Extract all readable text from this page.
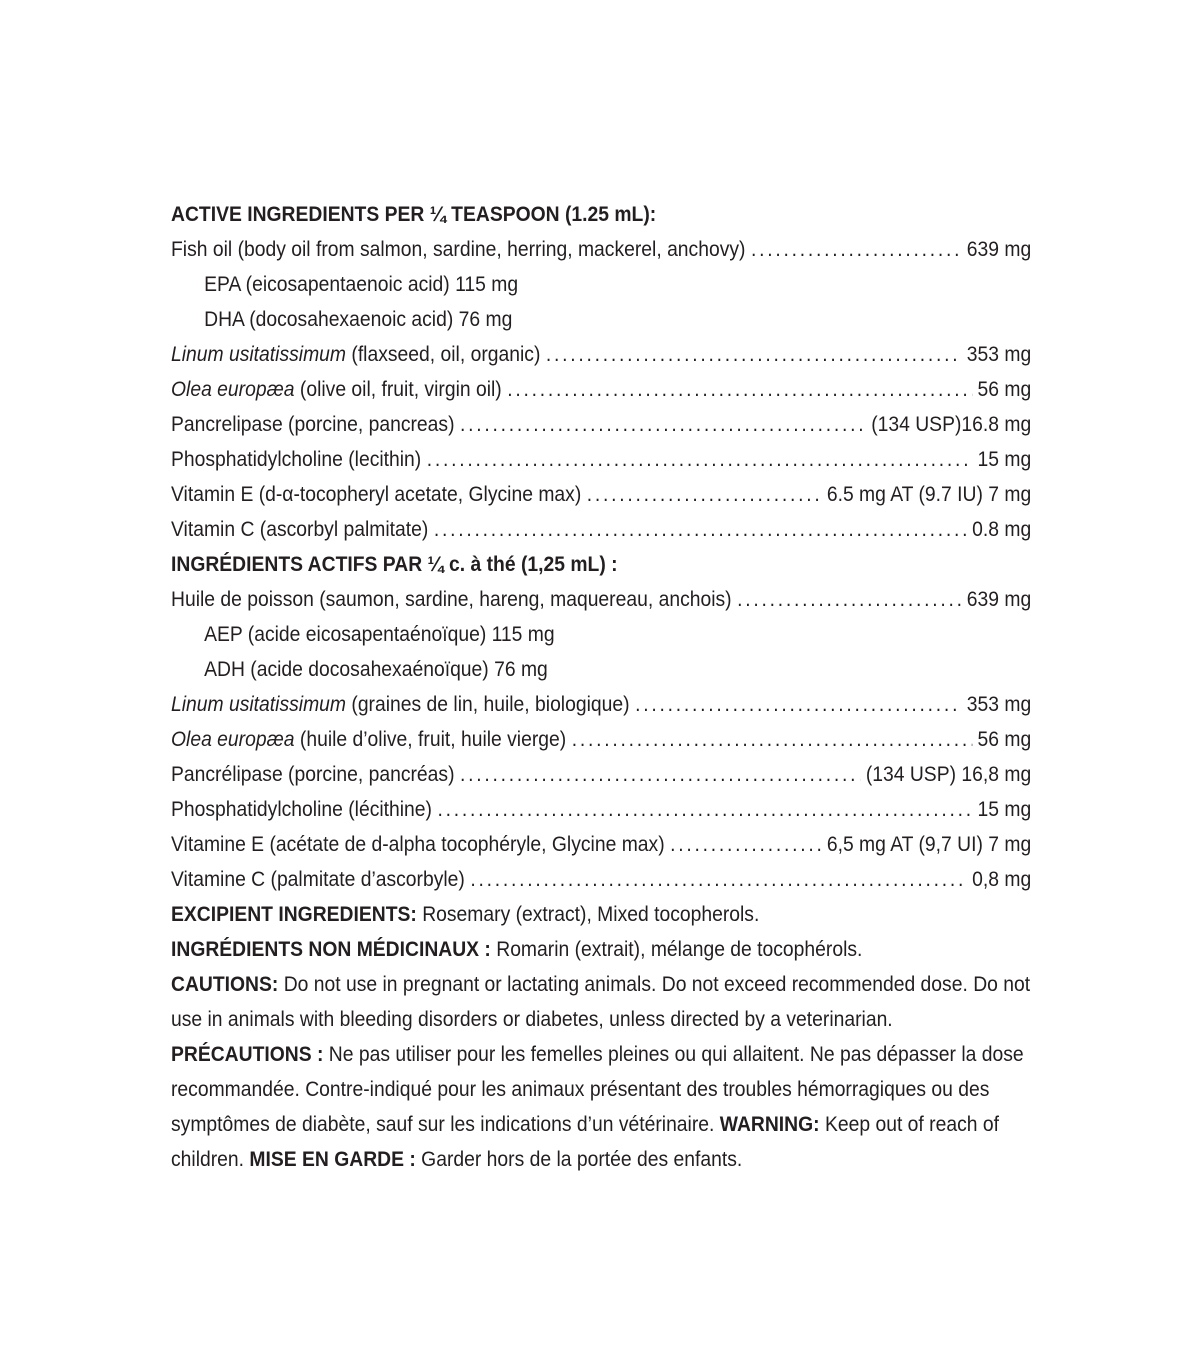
ACTIVE INGREDIENTS PER ¼ TEASPOON (1.25 mL):
Fish oil (body oil from salmon, sardine, herring, mackerel, anchovy) .....	639 mg
EPA (eicosapentaenoic acid) 115 mg
DHA (docosahexaenoic acid) 76 mg
Linum usitatissimum (flaxseed, oil, organic) .....	353 mg
Olea europæa (olive oil, fruit, virgin oil) .....	56 mg
Pancrelipase (porcine, pancreas) .....	(134 USP)16.8 mg
Phosphatidylcholine (lecithin) .....	15 mg
Vitamin E (d-α-tocopheryl acetate, Glycine max) .....	6.5 mg AT (9.7 IU) 7 mg
Vitamin C (ascorbyl palmitate) .....	0.8 mg
INGRÉDIENTS ACTIFS PAR ¼ c. à thé (1,25 mL) :
Huile de poisson (saumon, sardine, hareng, maquereau, anchois) .....	639 mg
AEP (acide eicosapentaénoïque) 115 mg
ADH (acide docosahexaénoïque) 76 mg
Linum usitatissimum (graines de lin, huile, biologique) .....	353 mg
Olea europæa (huile d’olive, fruit, huile vierge) .....	56 mg
Pancrélipase (porcine, pancréas) .....	(134 USP) 16,8 mg
Phosphatidylcholine (lécithine) .....	15 mg
Vitamine E (acétate de d-alpha tocophéryle, Glycine max) .....	6,5 mg AT (9,7 UI) 7 mg
Vitamine C (palmitate d’ascorbyle) .....	0,8 mg
EXCIPIENT INGREDIENTS: Rosemary (extract), Mixed tocopherols.
INGRÉDIENTS NON MÉDICINAUX : Romarin (extrait), mélange de tocophérols.

CAUTIONS: Do not use in pregnant or lactating animals. Do not exceed recommended dose. Do not use in animals with bleeding disorders or diabetes, unless directed by a veterinarian. PRÉCAUTIONS : Ne pas utiliser pour les femelles pleines ou qui allaitent. Ne pas dépasser la dose recommandée. Contre-indiqué pour les animaux présentant des troubles hémorragiques ou des symptômes de diabète, sauf sur les indications d’un vétérinaire. WARNING: Keep out of reach of children. MISE EN GARDE : Garder hors de la portée des enfants.
